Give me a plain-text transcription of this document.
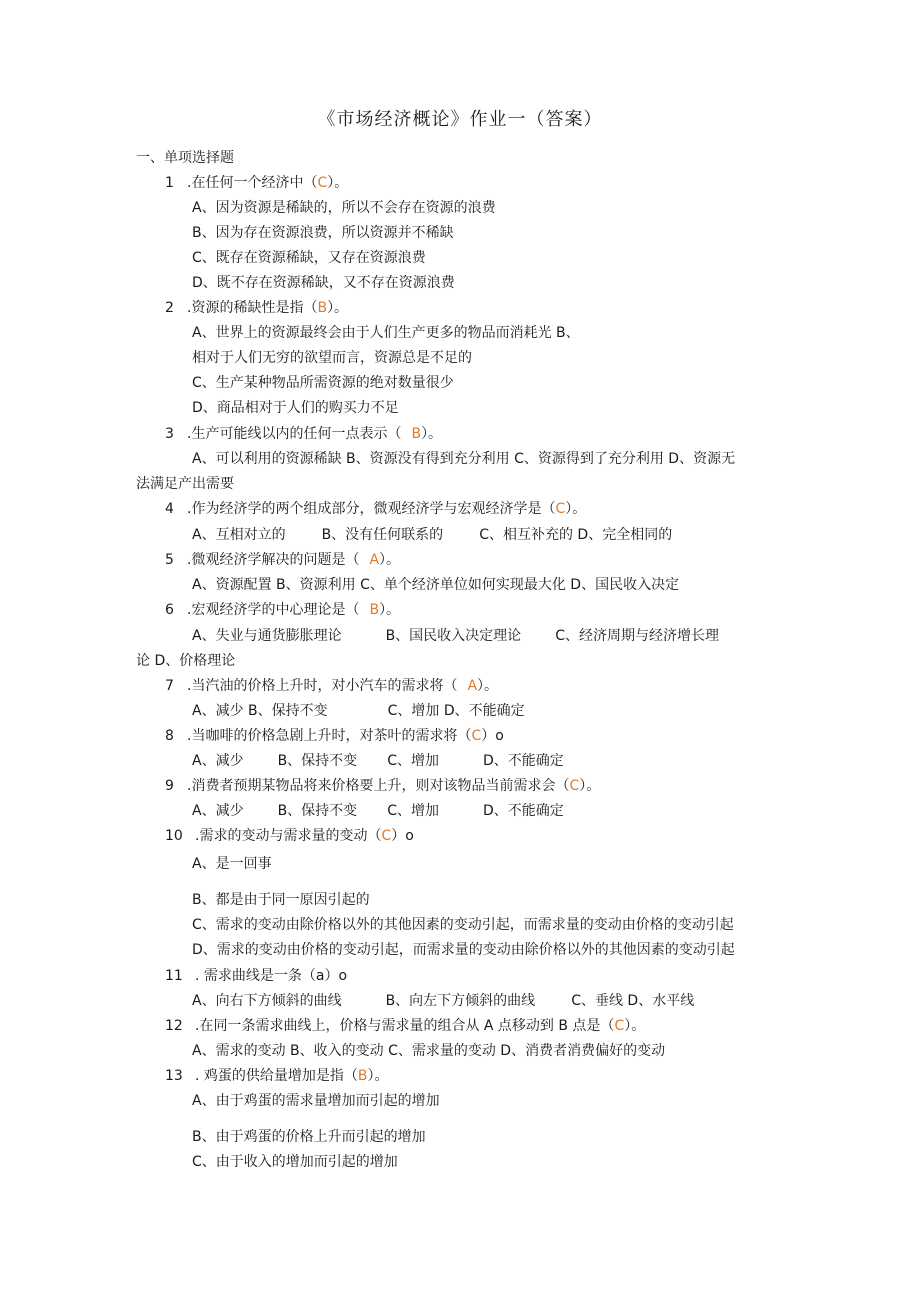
《市场经济概论》作业一（答案）
一、单项选择题
1 .在任何一个经济中（C）。
A、因为资源是稀缺的，所以不会存在资源的浪费
B、因为存在资源浪费，所以资源并不稀缺
C、既存在资源稀缺，又存在资源浪费
D、既不存在资源稀缺，又不存在资源浪费
2 .资源的稀缺性是指（B）。
A、世界上的资源最终会由于人们生产更多的物品而消耗光 B、
相对于人们无穷的欲望而言，资源总是不足的
C、生产某种物品所需资源的绝对数量很少
D、商品相对于人们的购买力不足
3 .生产可能线以内的任何一点表示（ B）。
A、可以利用的资源稀缺 B、资源没有得到充分利用 C、资源得到了充分利用 D、资源无
法满足产出需要
4 .作为经济学的两个组成部分，微观经济学与宏观经济学是（C）。
A、互相对立的	B、没有任何联系的	C、相互补充的 D、完全相同的
5 .微观经济学解决的问题是（ A）。
A、资源配置 B、资源利用 C、单个经济单位如何实现最大化 D、国民收入决定
6 .宏观经济学的中心理论是（ B）。
A、失业与通货膨胀理论	B、国民收入决定理论 C、经济周期与经济增长理
论 D、价格理论
7 .当汽油的价格上升时，对小汽车的需求将（ A）。
A、减少 B、保持不变	C、增加 D、不能确定
8 .当咖啡的价格急剧上升时，对茶叶的需求将（C）o
A、减少 B、保持不变 C、增加	D、不能确定
9 .消费者预期某物品将来价格要上升，则对该物品当前需求会（C）。
A、减少 B、保持不变 C、增加	D、不能确定
10 .需求的变动与需求量的变动（C）o
A、是一回事
B、都是由于同一原因引起的
C、需求的变动由除价格以外的其他因素的变动引起，而需求量的变动由价格的变动引起
D、需求的变动由价格的变动引起，而需求量的变动由除价格以外的其他因素的变动引起
11 . 需求曲线是一条（a）o
A、向右下方倾斜的曲线	B、向左下方倾斜的曲线	C、垂线 D、水平线
12 .在同一条需求曲线上，价格与需求量的组合从 A 点移动到 B 点是（C）。
A、需求的变动 B、收入的变动 C、需求量的变动 D、消费者消费偏好的变动
13 . 鸡蛋的供给量增加是指（B）。
A、由于鸡蛋的需求量增加而引起的增加
B、由于鸡蛋的价格上升而引起的增加
C、由于收入的增加而引起的增加
